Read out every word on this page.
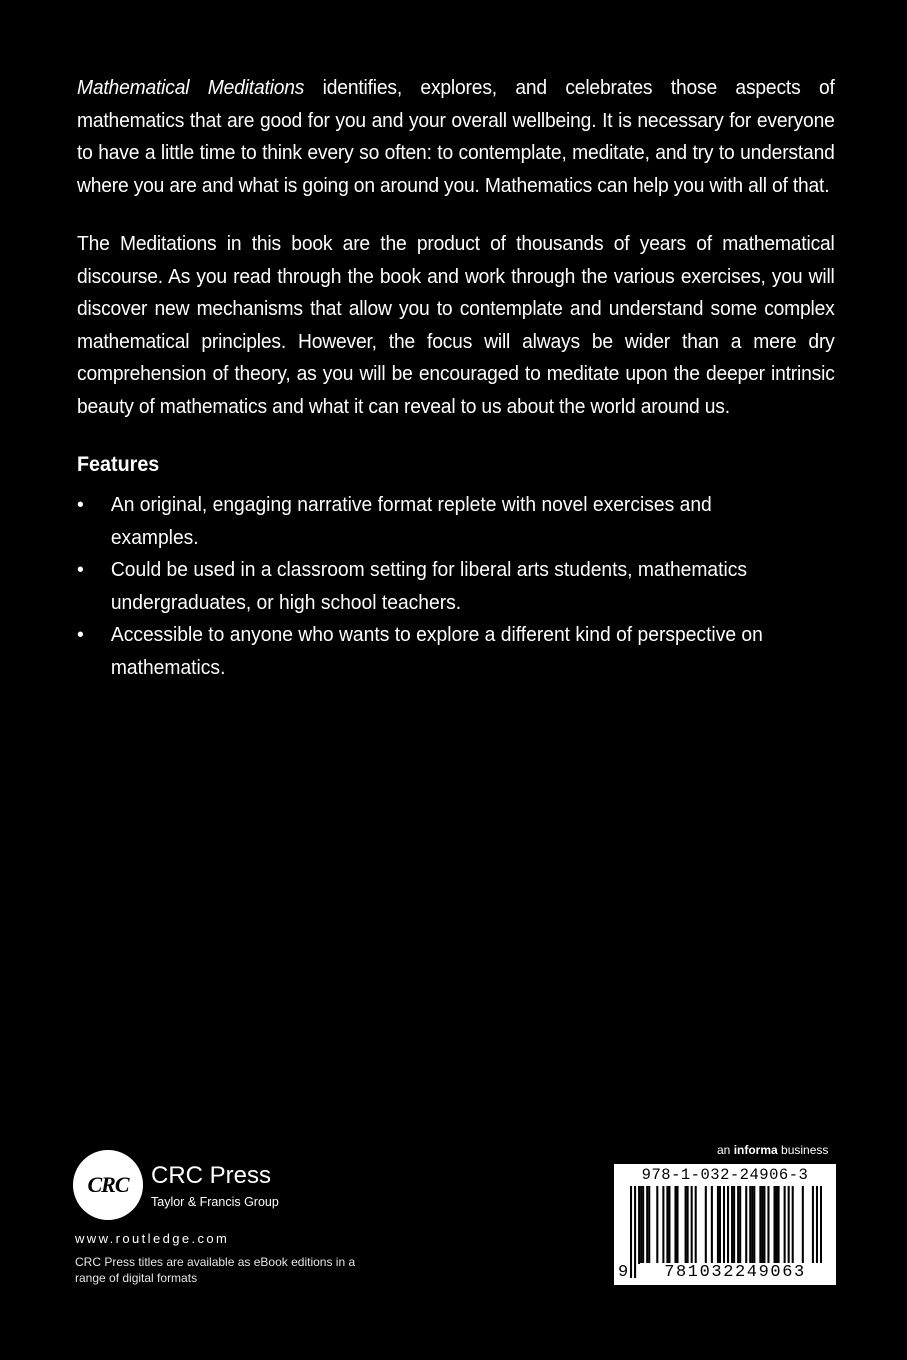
Mathematical Meditations identifies, explores, and celebrates those aspects of mathematics that are good for you and your overall wellbeing. It is necessary for everyone to have a little time to think every so often: to contemplate, meditate, and try to understand where you are and what is going on around you. Mathematics can help you with all of that.

The Meditations in this book are the product of thousands of years of mathematical discourse. As you read through the book and work through the various exercises, you will discover new mechanisms that allow you to contemplate and understand some complex mathematical principles. However, the focus will always be wider than a mere dry comprehension of theory, as you will be encouraged to meditate upon the deeper intrinsic beauty of mathematics and what it can reveal to us about the world around us.

Features
• An original, engaging narrative format replete with novel exercises and examples.
• Could be used in a classroom setting for liberal arts students, mathematics undergraduates, or high school teachers.
• Accessible to anyone who wants to explore a different kind of perspective on mathematics.
CRC CRC Press
Taylor & Francis Group
www.routledge.com
CRC Press titles are available as eBook editions in a range of digital formats
an informa business
978-1-032-24906-3
9	781032249063
